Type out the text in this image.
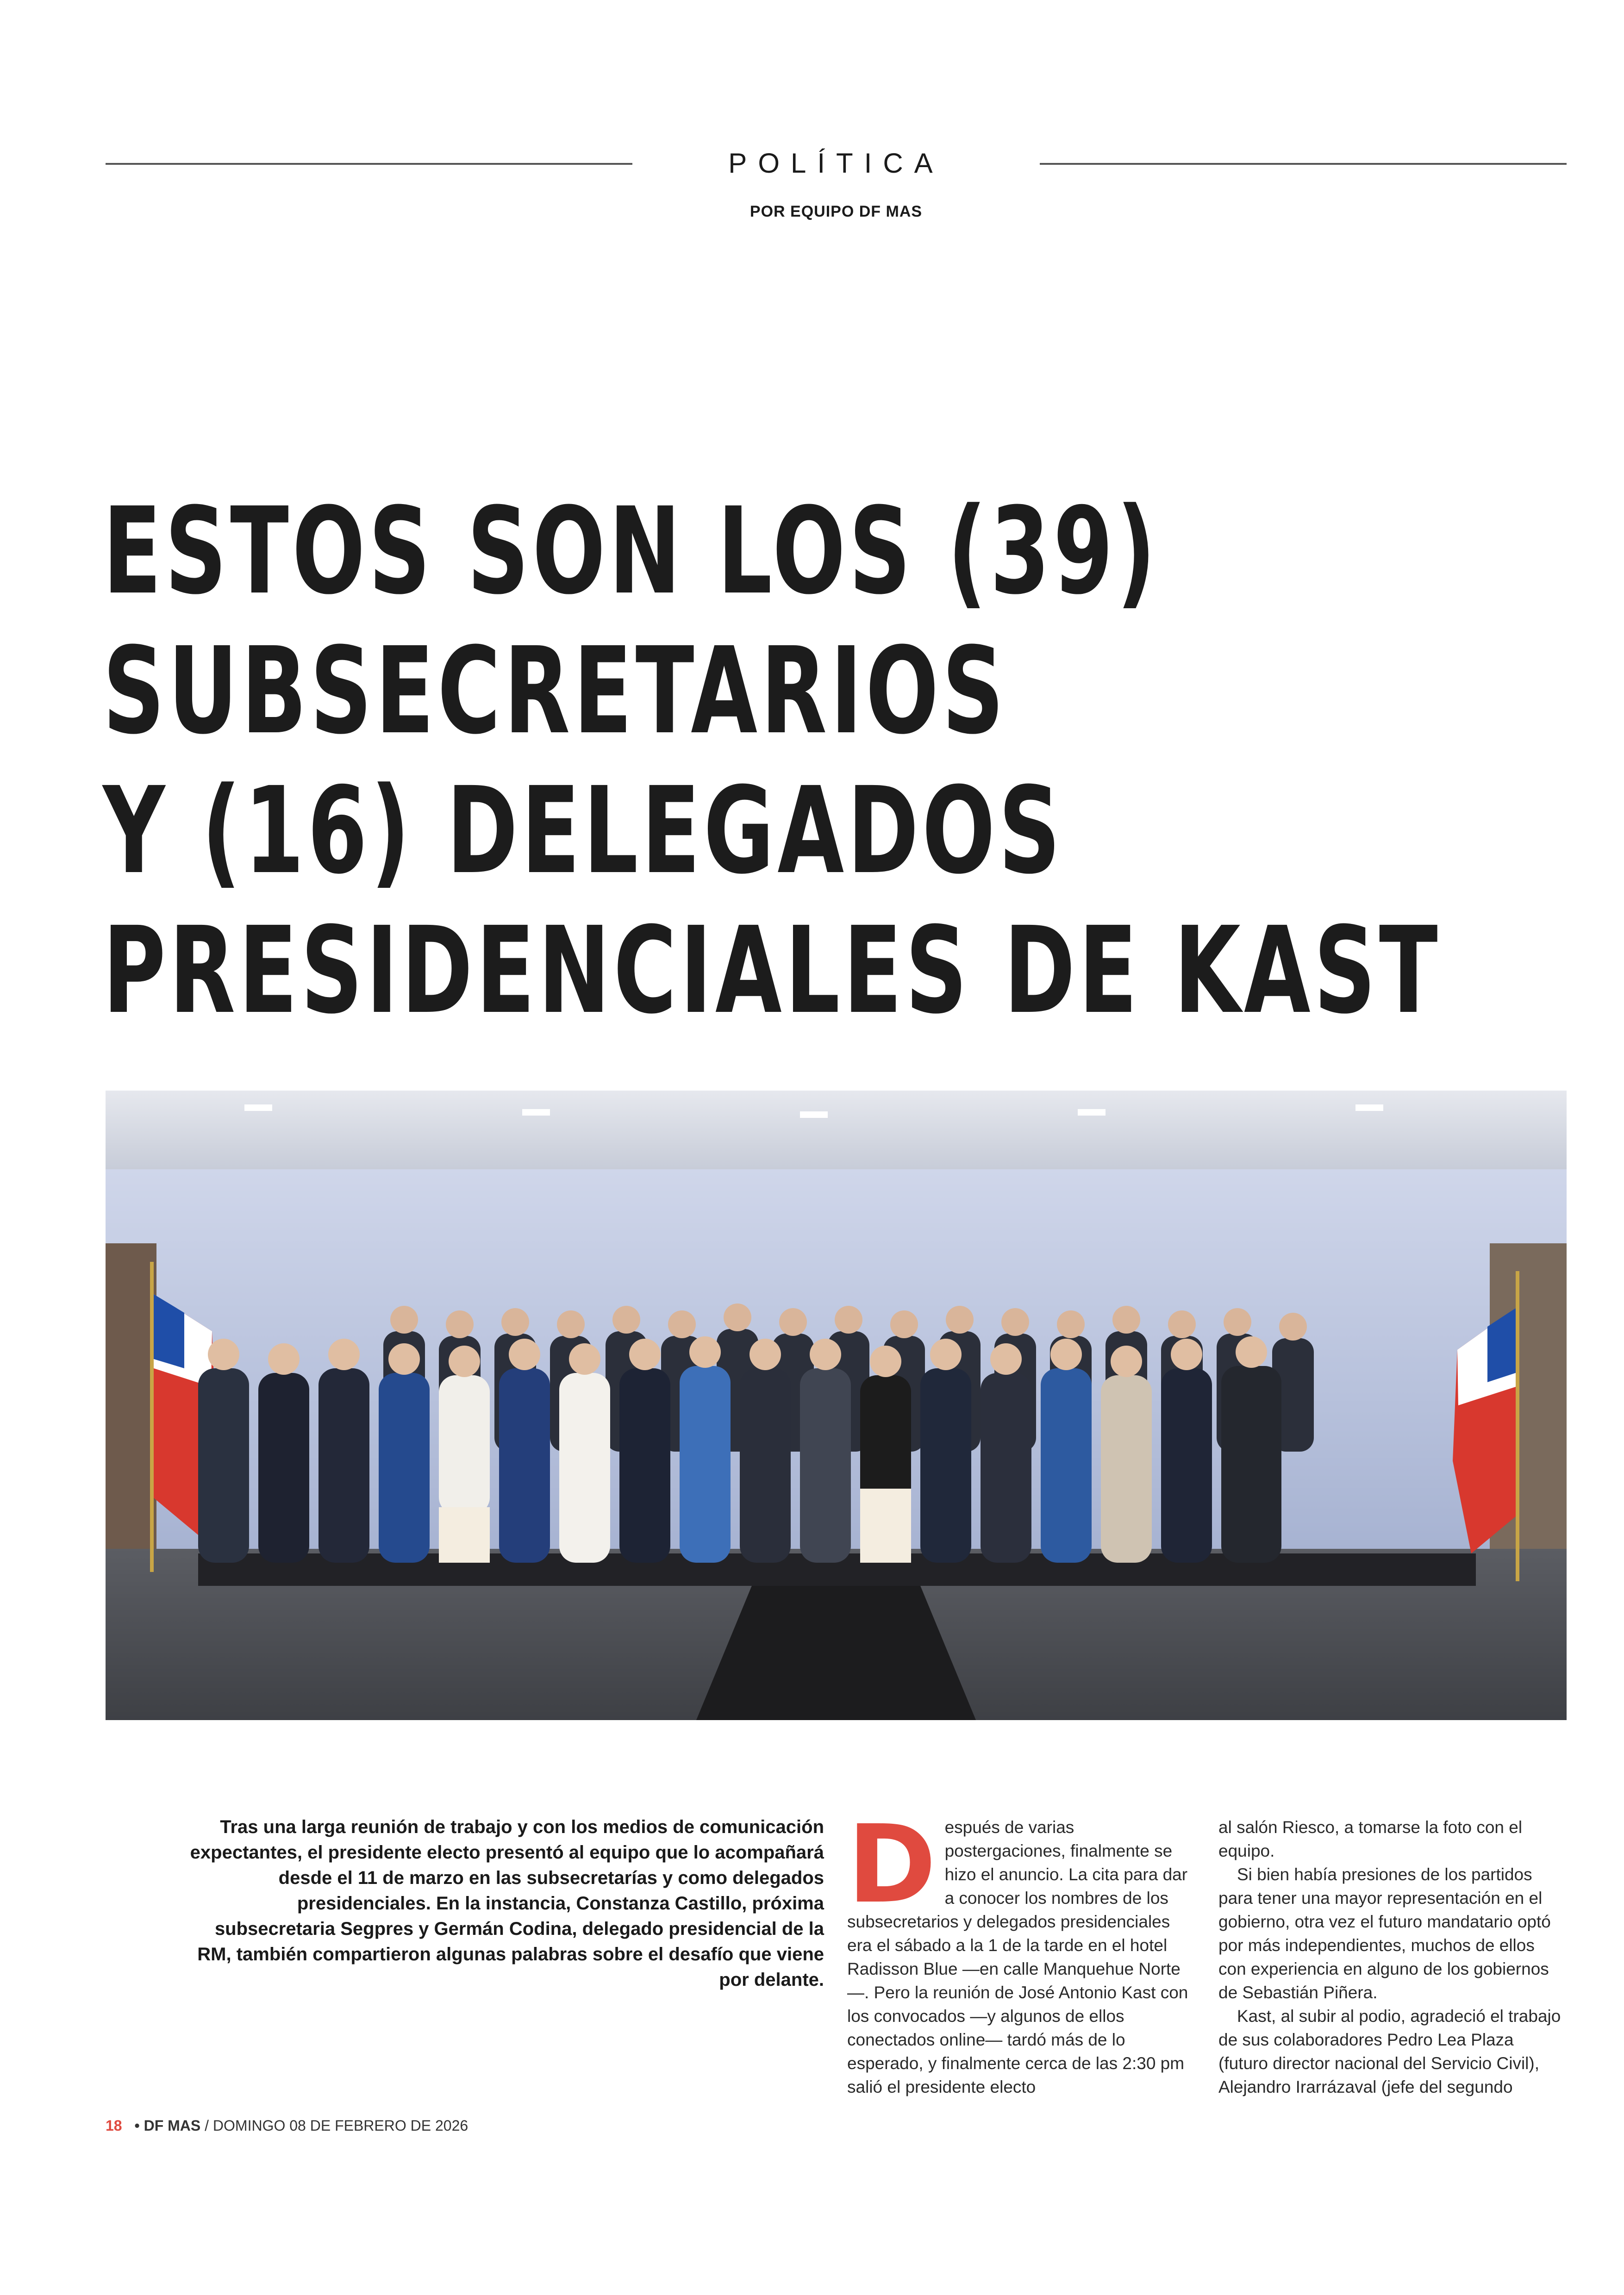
POLÍTICA
POR EQUIPO DF MAS
ESTOS SON LOS (39)
SUBSECRETARIOS
Y (16) DELEGADOS
PRESIDENCIALES DE KAST
Tras una larga reunión de trabajo y con los medios de comunicación expectantes, el presidente electo presentó al equipo que lo acompañará desde el 11 de marzo en las subsecretarías y como delegados presidenciales. En la instancia, Constanza Castillo, próxima subsecretaria Segpres y Germán Codina, delegado presidencial de la RM, también compartieron algunas palabras sobre el desafío que viene por delante.
D espués de varias postergaciones, finalmente se hizo el anuncio. La cita para dar a conocer los nombres de los subsecretarios y delegados presidenciales era el sábado a la 1 de la tarde en el hotel Radisson Blue —en calle Manquehue Norte—. Pero la reunión de José Antonio Kast con los convocados —y algunos de ellos conectados online— tardó más de lo esperado, y finalmente cerca de las 2:30 pm salió el presidente electo

al salón Riesco, a tomarse la foto con el equipo.

Si bien había presiones de los partidos para tener una mayor representación en el gobierno, otra vez el futuro mandatario optó por más independientes, muchos de ellos con experiencia en alguno de los gobiernos de Sebastián Piñera.

Kast, al subir al podio, agradeció el trabajo de sus colaboradores Pedro Lea Plaza (futuro director nacional del Servicio Civil), Alejandro Irarrázaval (jefe del segundo

18 • DF MAS / DOMINGO 08 DE FEBRERO DE 2026
